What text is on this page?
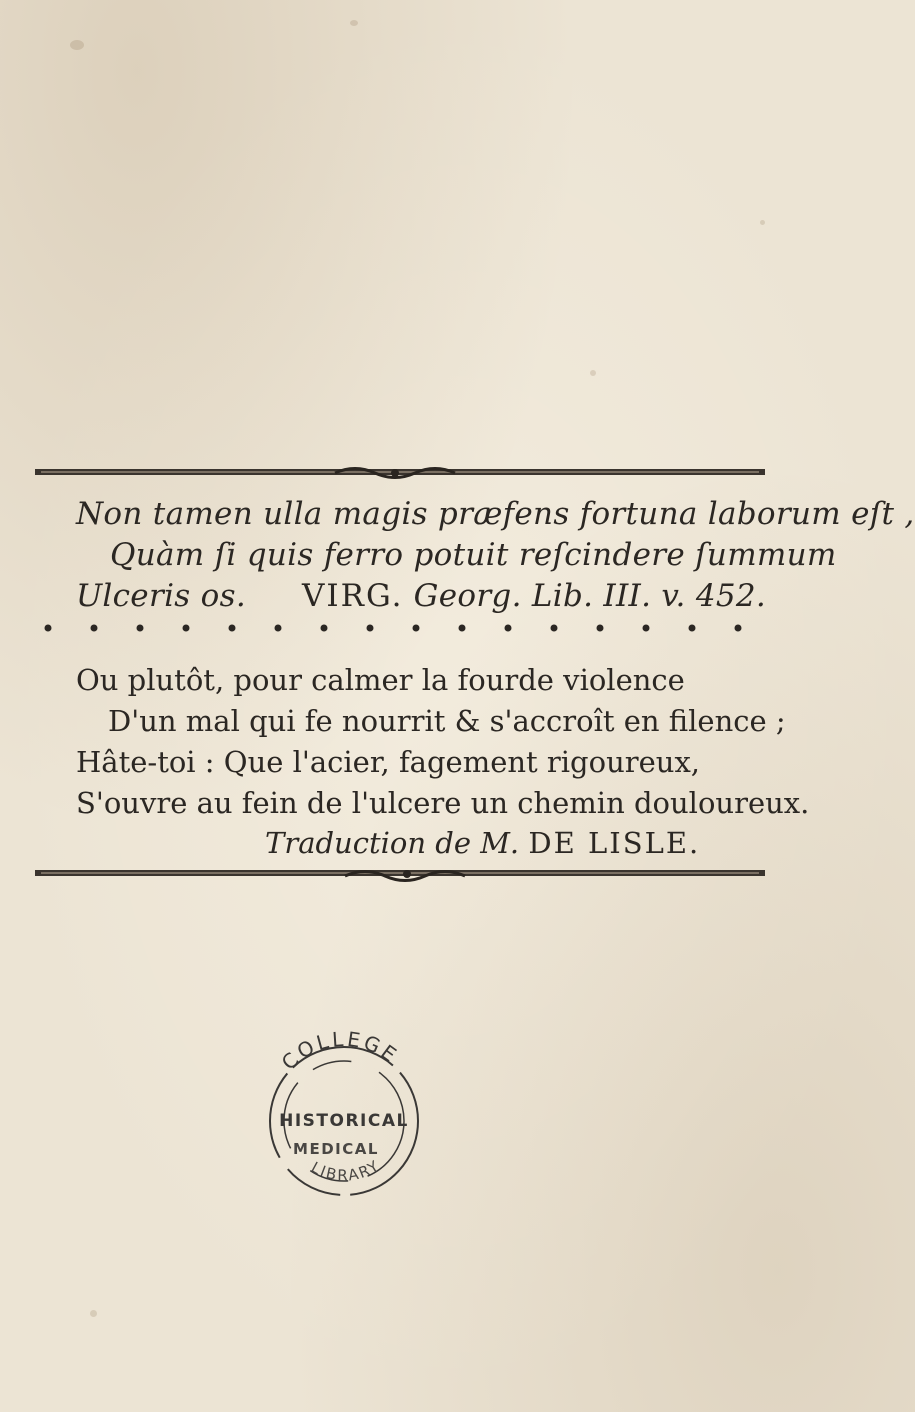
Non tamen ulla magis præfens fortuna laborum eſt ,
Quàm ſi quis ferro potuit reſcindere ſummum
Ulceris os. VIRG. Georg. Lib. III. v. 452.
Ou plutôt, pour calmer la fourde violence
D'un mal qui fe nourrit & s'accroît en filence ;
Hâte-toi : Que l'acier, fagement rigoureux,
S'ouvre au fein de l'ulcere un chemin douloureux.
Traduction de M. DE LISLE.
COLLEGE
HISTORICAL
MEDICAL
LIBRARY
